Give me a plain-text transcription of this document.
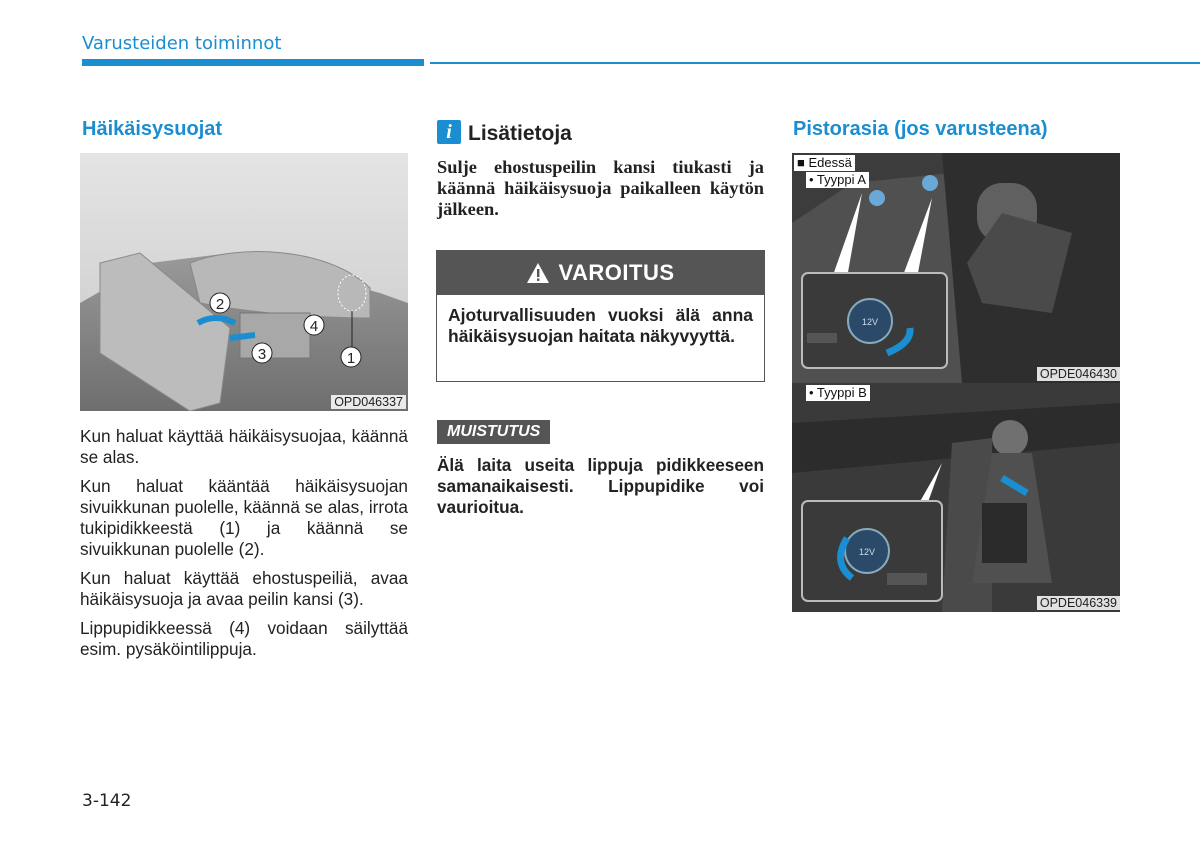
Varusteiden toiminnot
Häikäisysuojat
1
2
3
4
OPD046337

Kun haluat käyttää häikäisysuojaa, käännä se alas.

Kun haluat kääntää häikäisysuojan sivuikkunan puolelle, käännä se alas, irrota tukipidikkeestä (1) ja käännä se sivuikkunan puolelle (2).

Kun haluat käyttää ehostuspeiliä, avaa häikäisysuoja ja avaa peilin kansi (3).

Lippupidikkeessä (4) voidaan säilyttää esim. pysäköintilippuja.

i Lisätietoja
Sulje ehostuspeilin kansi tiukasti ja käännä häikäisysuoja paikalleen käytön jälkeen.
VAROITUS
Ajoturvallisuuden vuoksi älä anna häikäisysuojan haitata näkyvyyttä.
MUISTUTUS
Älä laita useita lippuja pidikkeeseen samanaikaisesti. Lippupidike voi vaurioitua.
Pistorasia (jos varusteena)
12V
■ Edessä
• Tyyppi A
OPDE046430
12V
• Tyyppi B
OPDE046339
3-142
